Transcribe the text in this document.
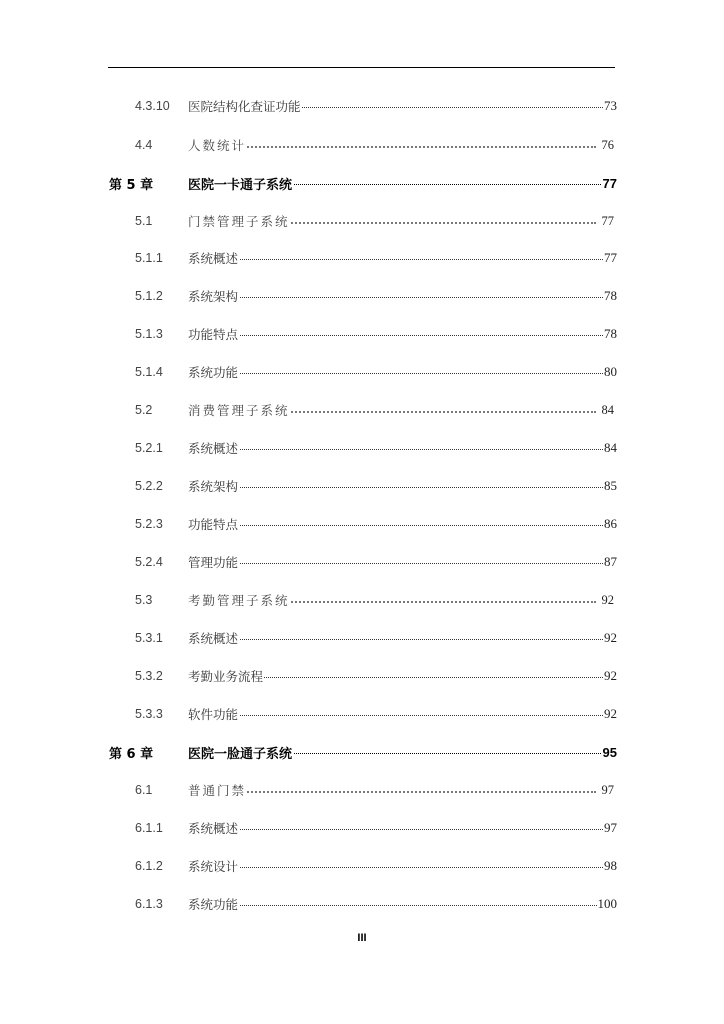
4.3.10 医院结构化查证功能	73
4.4	人数统计	76
第 5 章	医院一卡通子系统	77
5.1	门禁管理子系统	77
5.1.1 系统概述	77
5.1.2 系统架构	78
5.1.3 功能特点	78
5.1.4 系统功能	80
5.2	消费管理子系统	84
5.2.1 系统概述	84
5.2.2 系统架构	85
5.2.3 功能特点	86
5.2.4 管理功能	87
5.3	考勤管理子系统	92
5.3.1 系统概述	92
5.3.2 考勤业务流程	92
5.3.3 软件功能	92
第 6 章	医院一脸通子系统	95
6.1	普通门禁	97
6.1.1 系统概述	97
6.1.2 系统设计	98
6.1.3 系统功能	100
III
